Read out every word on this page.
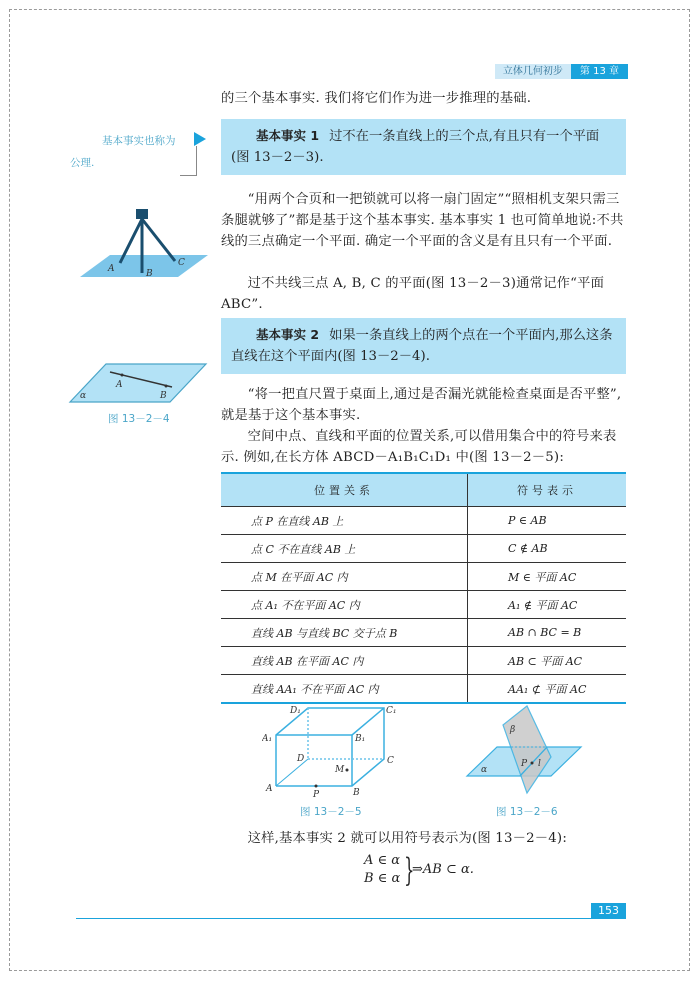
立体几何初步	第 13 章
的三个基本事实. 我们将它们作为进一步推理的基础.
基本事实也称为
公理.
基本事实 1 过不在一条直线上的三个点,有且只有一个平面(图 13－2－3).
“用两个合页和一把锁就可以将一扇门固定”“照相机支架只需三条腿就够了”都是基于这个基本事实. 基本事实 1 也可简单地说:不共线的三点确定一个平面. 确定一个平面的含义是有且只有一个平面.
过不共线三点 A, B, C 的平面(图 13－2－3)通常记作“平面 ABC”.
A	B
C
基本事实 2 如果一条直线上的两个点在一个平面内,那么这条直线在这个平面内(图 13－2－4).
A
B
α
图 13－2－4
“将一把直尺置于桌面上,通过是否漏光就能检查桌面是否平整”,就是基于这个基本事实.
空间中点、直线和平面的位置关系,可以借用集合中的符号来表示. 例如,在长方体 ABCD－A₁B₁C₁D₁ 中(图 13－2－5):
位置关系	符号表示
点 P 在直线 AB 上	P ∈ AB
点 C 不在直线 AB 上	C ∉ AB
点 M 在平面 AC 内	M ∈ 平面 AC
点 A₁ 不在平面 AC 内	A₁ ∉ 平面 AC
直线 AB 与直线 BC 交于点 B	AB ∩ BC = B
直线 AB 在平面 AC 内	AB ⊂ 平面 AC
直线 AA₁ 不在平面 AC 内	AA₁ ⊄ 平面 AC
D₁	C₁
A₁	B₁
D	C
M
A
P	B
图 13－2－5
β
α
P l
图 13－2－6
这样,基本事实 2 就可以用符号表示为(图 13－2－4):
A ∈ α
B ∈ α }
⇒AB ⊂ α.
153
